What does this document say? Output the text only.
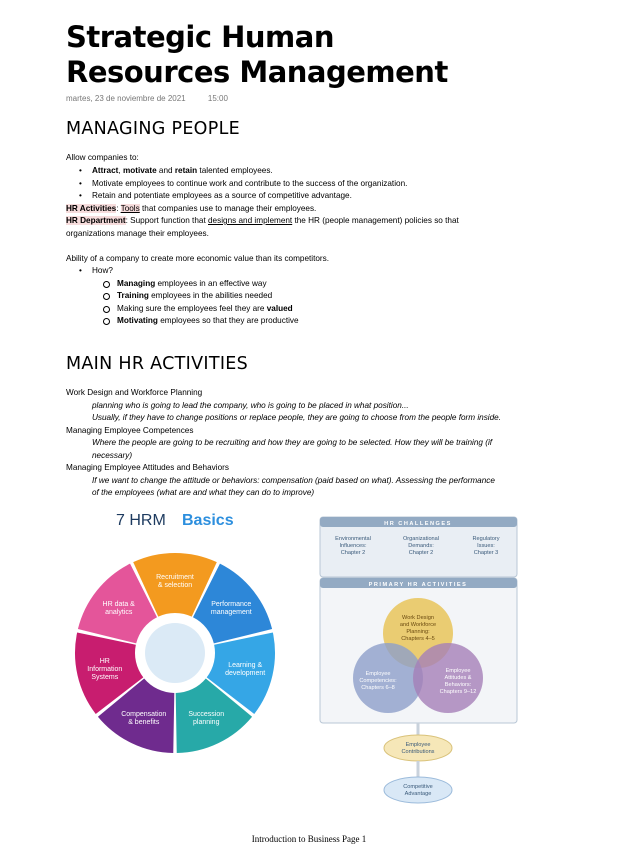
Strategic Human
Resources Management
martes, 23 de noviembre de 2021	15:00
MANAGING PEOPLE
Allow companies to:
• Attract, motivate and retain talented employees.
• Motivate employees to continue work and contribute to the success of the organization.
• Retain and potentiate employees as a source of competitive advantage.
HR Activities: Tools that companies use to manage their employees.
HR Department: Support function that designs and implement the HR (people management) policies so that
organizations manage their employees.
Ability of a company to create more economic value than its competitors.
• How?
Managing employees in an effective way
Training employees in the abilities needed
Making sure the employees feel they are valued
Motivating employees so that they are productive
MAIN HR ACTIVITIES
Work Design and Workforce Planning
planning who is going to lead the company, who is going to be placed in what position...
Usually, if they have to change positions or replace people, they are going to choose from the people form inside.
Managing Employee Competences
Where the people are going to be recruiting and how they are going to be selected. How they will be training (if
necessary)
Managing Employee Attitudes and Behaviors
If we want to change the attitude or behaviors: compensation (paid based on what). Assessing the performance
of the employees (what are and what they can do to improve)
7 HRM Basics
Recruitment & selection
Performance management
Learning & development
Succession planning
Compensation & benefits
HR Information Systems
HR data & analytics
HR CHALLENGES
Environmental
Influences:
Chapter 2
Organizational
Demands:
Chapter 2
Regulatory
Issues:
Chapter 3
PRIMARY HR ACTIVITIES
Work Design
and Workforce
Planning:
Chapters 4–5
Employee
Competencies:
Chapters 6–8
Employee
Attitudes &
Behaviors:
Chapters 9–12
Employee
Contributions
Competitive
Advantage
Introduction to Business Page 1
